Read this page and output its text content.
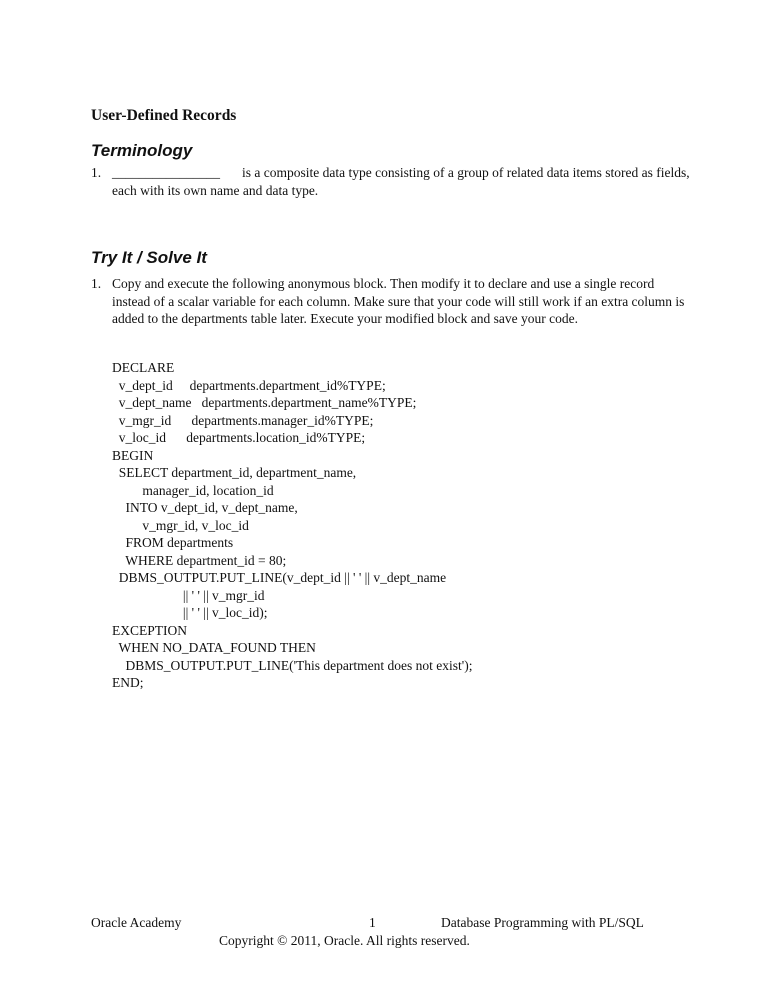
User-Defined Records
Terminology
1. ________________ is a composite data type consisting of a group of related data items stored as fields, each with its own name and data type.
Try It / Solve It
1. Copy and execute the following anonymous block. Then modify it to declare and use a single record instead of a scalar variable for each column. Make sure that your code will still work if an extra column is added to the departments table later. Execute your modified block and save your code.
DECLARE
v_dept_id     departments.department_id%TYPE;
v_dept_name   departments.department_name%TYPE;
v_mgr_id      departments.manager_id%TYPE;
v_loc_id      departments.location_id%TYPE;
BEGIN
SELECT department_id, department_name,
manager_id, location_id
INTO v_dept_id, v_dept_name,
v_mgr_id, v_loc_id
FROM departments
WHERE department_id = 80;
DBMS_OUTPUT.PUT_LINE(v_dept_id || ' ' || v_dept_name
|| ' ' || v_mgr_id
|| ' ' || v_loc_id);
EXCEPTION
WHEN NO_DATA_FOUND THEN
DBMS_OUTPUT.PUT_LINE('This department does not exist');
END;
Oracle Academy	1	Database Programming with PL/SQL
Copyright © 2011, Oracle. All rights reserved.
